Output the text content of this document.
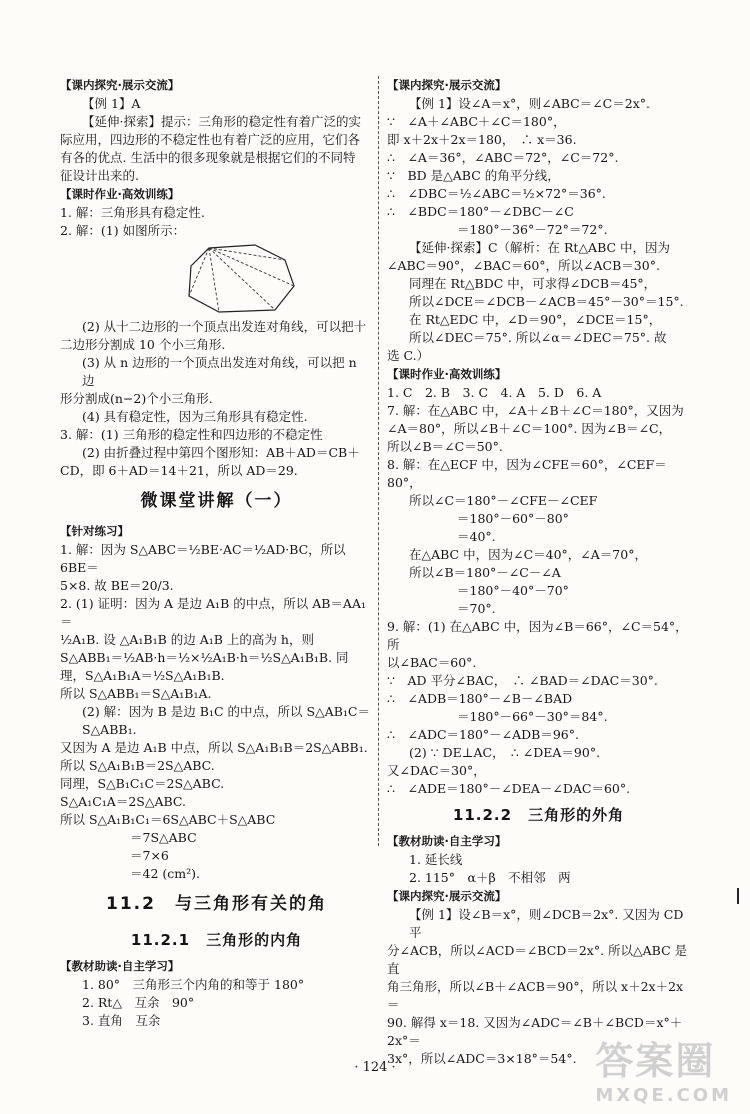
【课内探究·展示交流】
【例 1】A
【延伸·探索】提示：三角形的稳定性有着广泛的实
际应用，四边形的不稳定性也有着广泛的应用，它们各
有各的优点. 生活中的很多现象就是根据它们的不同特
征设计出来的.
【课时作业·高效训练】
1. 解：三角形具有稳定性.
2. 解：(1) 如图所示：
(2) 从十二边形的一个顶点出发连对角线，可以把十
二边形分割成 10 个小三角形.
(3) 从 n 边形的一个顶点出发连对角线，可以把 n 边
形分割成(n−2)个小三角形.
(4) 具有稳定性，因为三角形具有稳定性.
3. 解：(1) 三角形的稳定性和四边形的不稳定性
(2) 由折叠过程中第四个图形知：AB＋AD＝CB＋
CD，即 6＋AD＝14＋21，所以 AD＝29.
微课堂讲解（一）
【针对练习】
1. 解：因为 S△ABC＝½BE·AC＝½AD·BC，所以 6BE＝
5×8. 故 BE＝20/3.
2. (1) 证明：因为 A 是边 A₁B 的中点，所以 AB＝AA₁＝
½A₁B. 设 △A₁B₁B 的边 A₁B 上的高为 h，则
S△ABB₁＝½AB·h＝½×½A₁B·h＝½S△A₁B₁B. 同
理，S△A₁B₁A＝½S△A₁B₁B.
所以 S△ABB₁＝S△A₁B₁A.
(2) 解：因为 B 是边 B₁C 的中点，所以 S△AB₁C＝S△ABB₁.
又因为 A 是边 A₁B 中点，所以 S△A₁B₁B＝2S△ABB₁.
所以 S△A₁B₁B＝2S△ABC.
同理，S△B₁C₁C＝2S△ABC.
S△A₁C₁A＝2S△ABC.
所以 S△A₁B₁C₁＝6S△ABC＋S△ABC
＝7S△ABC
＝7×6
＝42 (cm²).
11.2　与三角形有关的角
11.2.1　三角形的内角
【教材助读·自主学习】
1. 80°　三角形三个内角的和等于 180°
2. Rt△　互余　90°
3. 直角　互余
【课内探究·展示交流】
【例 1】设∠A＝x°，则∠ABC＝∠C＝2x°.
∵　∠A＋∠ABC＋∠C＝180°，
即 x＋2x＋2x＝180，　∴ x＝36.
∴　∠A＝36°，∠ABC＝72°，∠C＝72°.
∵　BD 是△ABC 的角平分线，
∴　∠DBC＝½∠ABC＝½×72°＝36°.
∴　∠BDC＝180°－∠DBC－∠C
＝180°－36°－72°＝72°.
【延伸·探索】C（解析：在 Rt△ABC 中，因为
∠ABC＝90°，∠BAC＝60°，所以∠ACB＝30°.
同理在 Rt△BDC 中，可求得∠DCB＝45°，
所以∠DCE＝∠DCB－∠ACB＝45°－30°＝15°.
在 Rt△EDC 中，∠D＝90°，∠DCE＝15°，
所以∠DEC＝75°. 所以∠α＝∠DEC＝75°. 故
选 C.）
【课时作业·高效训练】
1. C　2. B　3. C　4. A　5. D　6. A
7. 解：在△ABC 中，∠A＋∠B＋∠C＝180°，又因为
∠A＝80°，所以∠B＋∠C＝100°. 因为∠B＝∠C，
所以∠B＝∠C＝50°.
8. 解：在△ECF 中，因为∠CFE＝60°，∠CEF＝80°，
所以∠C＝180°－∠CFE－∠CEF
＝180°－60°－80°
＝40°.
在△ABC 中，因为∠C＝40°，∠A＝70°，
所以∠B＝180°－∠C－∠A
＝180°－40°－70°
＝70°.
9. 解：(1) 在△ABC 中，因为∠B＝66°，∠C＝54°，所
以∠BAC＝60°.
∵　AD 平分∠BAC，　∴ ∠BAD＝∠DAC＝30°.
∴　∠ADB＝180°－∠B－∠BAD
＝180°－66°－30°＝84°.
∴　∠ADC＝180°－∠ADB＝96°.
(2) ∵ DE⊥AC，　∴ ∠DEA＝90°.
又∠DAC＝30°，
∴　∠ADE＝180°－∠DEA－∠DAC＝60°.
11.2.2　三角形的外角
【教材助读·自主学习】
1. 延长线
2. 115°　α＋β　不相邻　两
【课内探究·展示交流】
【例 1】设∠B＝x°，则∠DCB＝2x°. 又因为 CD 平
分∠ACB，所以∠ACD＝∠BCD＝2x°. 所以△ABC 是直
角三角形，所以∠B＋∠ACB＝90°，所以 x＋2x＋2x＝
90. 解得 x＝18. 又因为∠ADC＝∠B＋∠BCD＝x°＋2x°＝
3x°，所以∠ADC＝3×18°＝54°.
· 124 ·	答案圈
MXQE.COM
